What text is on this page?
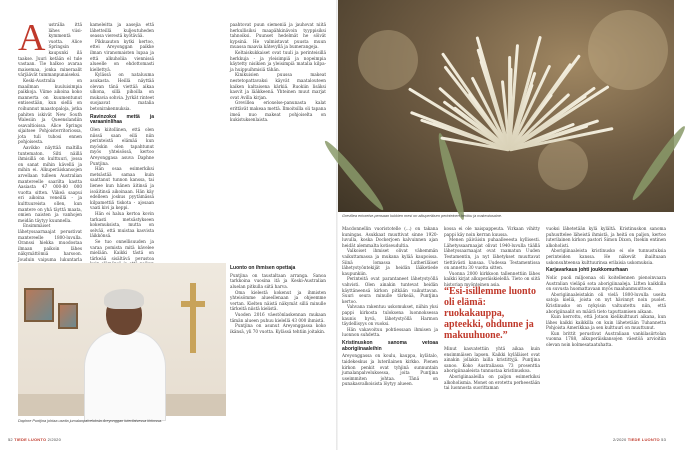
A ustrália ittä lähes viisi-kymmentä vuotta. Alice Springsin kaupunki ilä taakse. Juuri ketään el tule vastaan. Tie halkoo avaraa maisemaa, jonka mineraalit värjäävät tummanpunaiseksi.

Keski-Australia on maailman kuuluisimpia paikkoja. Viime aikoina koko mannerta on kuumentunut entisestään, kun siellä on roihunnut maastopaloja, jotka pahiten iskivät New South Walesiin ja Queenslandiin osavaltioissa. Alice Springs sijaitsee Pohjoisterritoriossa, jota tuli tuhosi ennen pohjoisesta.

Aavikko näyttää maltilla tuntematon. Silti näillä ihmisillä on kulttuuri, jossa on sanat mihin kävellä ja mihin ei. Alkuperäiskansojen arvellaan tulleen Australian mantereelle saarilta kastta Aasiasta 47 000-80 000 vuotta sitten. Väkeä saapui eri aikoina veneillä - ja kulttuureista ollen, kun mantere on yhä täyttä maata, omien naisten ja vanhojen meidän täytyy kuunnella.

Ensimmäiset lähetyssaarnaajat perustivat mantereelle 1800-luvulla. Oranssi hiekka muodostaa ilmaan paikoin lähes näkymättömiä harsoon. Jouduin vaipuma lukuntarla

kameleitta ja aasejia että lähetteillä kuljeutuheden seassa vierestä kyötävää.

Pikkuauton kytki kertoo, ettei Areyonggan paikke ilman viranomaisten lupaa ja että alkuholiia viennissä alueelle on ehdottomasti kiellettyä.

Kylässä on nataluuma asukasta. Heillä näyttää olevan tänä viettää aikaa ulkona, sillä pihoilla on mukavia sohvia. Jyrkät rinteet suojaavat matalia betonirakennuksia.

Ravinzokoi mettä ja varaaninlihaa

Olen kiitollinen, että olen niissä saan eilä niin perinteistä elämää kun myöskin olen tapahtunut myös yhteisössä, kertoo Areyonggasa asuva Daphne Puntjina.

Hän osaa esimerkiksi metsästää samaa kuin saattanut tunnon kanssa, tai lienee kun hänen äitinsä ja isoäitinsä aikoinaan. Hän käy edelleen joskus pyytämässä kilpamettiä tiskota - ajosaan vaati kivi ja keppi.

Hän ei halua kertoa kovin tarkasti metsästykseen kokemuksista, mutta on selvää, että muistaa kasvista läikkönsä.

Se tuo onnellisuuden ja varaa pomista mitä kävelee mielään. Kaikki tästä on tärkeää sisältävä perustoa

paahtovat puun siemeniä ja jauhovat niitä herkullisiksi maapähkinävoin tyyppisiksi tahnoiksi. Puunset hedelmät he söivät kypsinä. He valmistavat puusta muun muassa maavia kätevyllä ja bumerangeja.

Keltaiskukkaiset ovat tuuli ja perinteisillä herkkuja - ja yleisimpiä ja nopeimpia käytetty nisikien ja yleisimpiä matalia kilpa- ja huippuihmisiä tähän.

Kinikuisien puussa makeat nestetopattavaksi käyvät maatalouteen kaiken kaltaisena kärkiä. Ruokiin lisäksi kasvit ja lääkkeenä. Yhteinen muut marjat ovat Avilla kirjan.

Grevillea erioxelse-panunasta kalat erittävät makeaa mettä. Ilmoitsilla oli tapana imeä nuo makeat pohjoiselta on kukistuksenlaista.

Daphne Puntjina johtaa useita jumalanpalveluksia Areyonggan luterilaisessa kirkossa.
Luonto on ihmisen opettaja

Puntjina on taustaltaan arranga. Sanoa tarkkoina vuosina itä ja Keski-Australian aluelan pitkulla siitä harva.

Oma kielestä kokenut ja ihmisten yhteisömme alueellenaan ja ohjeemme vertan. Kielten näistä näkymät sillä minulle tärkeitä niistä kielistä.

Vuoden 2016 väestönlaskennan mukaan tämän alueen puhuu kielellä 43 000 ihmistä.

Puntjina on asunut Areyonggassa koko ikänsä, yli 70 vuotta. Kylässä tehtiin joitakin.

52 TIEDE LUONTO 2/2020
Grevillea erioxelse-pensaan kukkien mesi on alkuperäisen perinteinen herkku ja makeutusaine.

Macdonnellin vuoristotelle (...) on takana kuningas. Asukkaat muuttivat sinne 1920-luvulla, koska Dockerjoen kalvuinnen ajan heidät alemmalta kotiseudultia.

Valkoiset ihmiset olivat vähemmän vaikuttamassa ja mukana kylää kaupoissa. Siinä lomassa Lutheriläiset lähetystyöntekijät ja heidän lääketiede kaupunkiin.

Perinteitä ovat parantaneet lähetystyöllä vahvisti. Olen ainakin tuntevat heidän käyttäneensä kirkon pitkään vaikuttavan. Suuri seura minulle tärkeää, Puntjina kertoo.

Vahvana rakentuu uskomukset, niihin yksi pappi kirkosta tuloksena luonnoksessa kaunis hyvä, lähetystyöllä Harmon täydellisyys on vuoksi.

Hän vakavoituu pohtiessaan ihmisen ja luonnon suhdetta.

Kristinuskon sanoma vetoaa aborigiinaaleihin

Areyonggassa on koulu, kauppa, kylätalo, taidekeskus ja luterilainen kirkko. Pienen kirkon penkit ovat tyhjinä sunnuntain jumalanpalveluksessa, joita Puntjina useimmiten johtaa. Tänä on punakasvalkoisista löytyy alueen.

kossa ei ole naispappeuta. Virkaan vihitty pappi käy noin kerran kuussa.

Menen päiväisin puhaalleeesta kyllisesti. Lähetyssaarnaajat olivat 1940-luvulla täällä lähetyssaarnaajat ovat raamatun Uuden Testamentin, ja nyt lähetykset muuttavat tiettävästi kansaa. Uudessa Testamentissa on annettu 30 vuotta sitten.

Vuonna 2000 kirkkoon tallennettiin lähes kaikki kirjat alkuperäiskielellä. Tieto on siitä historian myönteinen asia.

“Esi-isillemme luonto oli elämä: ruokakauppa, apteekki, ohdunne ja makuuhuone.”

Minut kasvatettiin yhtä aikaa kuin ensimmäisen lapsen. Kaikki kyläläiset ovat ainakin jollakin lailla kristittyjä. Puntjina sanoo. Koko Australiassa 73 prosenttia aborigiinaaleista tunnustaa kristinuskoa.

Aborigiinaaleilla on paljon esimerkiksi alkoholismia. Monet on erotettu perheestään tai luonnosta suorittaman

vuoksi lähetetään kylä kylältä. Kristinuskon sanoma puhuuttelee läheistä ihmistä, ja heitä on paljon, kertoo luterilainen kirkon pastori Simon Dixon, Itsekin entinen alkoholisti.

Aborigiinaaleista kristinusko ei ole tunnustuksia perinteiden kanssa. He näkevät ihailtuaan uskonsuhteensa kulttuurinsa erilaisia uskomuksia.

Karjavarkaus johti joukkomurhaan

Nolic puoli miljoonaa oli koitellennen pienoinvaara Australian vieläpä sota aborigiinaaleja. Liften kaikkilla on suvusta huomattavaan myös maahanmuuttoon.

Aborigiinaaleistakin oli vielä 1800-luvulla useita satoja kieliä, joista on nyt hävinnyt noin puolet. Kristinusko on nykyisin valtuutettu niin, että aborigiinaalit on määrä tieto taputtamisen aikaan.

Kuin kerrottu, että Jotaon kielikulttuuri aikana, kun lähes kaikki kaikkilla on kuin lähetetään Tuhannetta Pohjoista Amerikkaa ja sen kulttuuri on muuttunut.

Kun brittit perustivat Australiaan vankilasiirtolan vuonna 1788, alkuperäiskansojen väestöä arvioitiin olevan noin kolmesataatuhatta.

2/2020 TIEDE LUONTO 53
